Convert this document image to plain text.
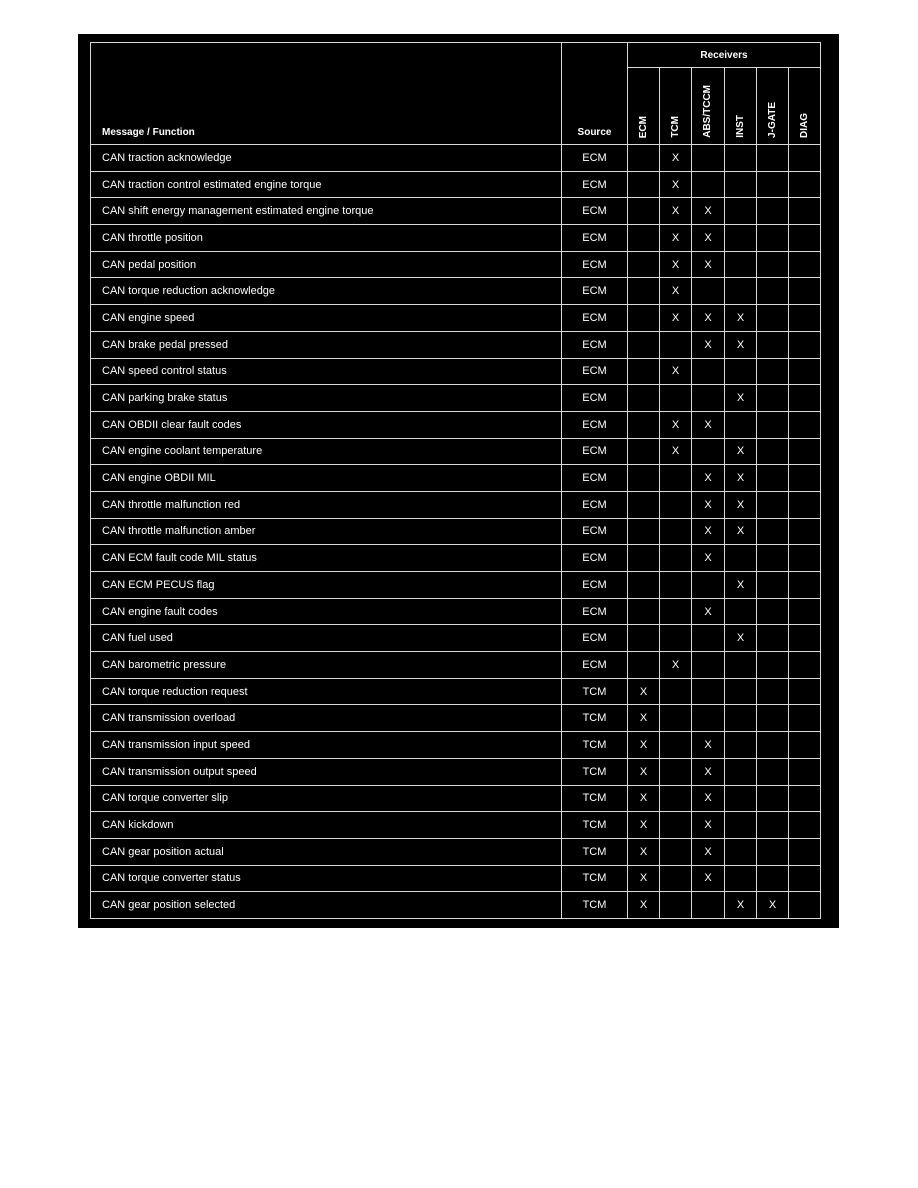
Message / Function	Source	Receivers					

		ECM	TCM	ABS/TCCM	INST	J-GATE	DIAG

CAN traction acknowledge	ECM		X				
CAN traction control estimated engine torque	ECM		X				
CAN shift energy management estimated engine torque	ECM		X	X			
CAN throttle position	ECM		X	X			
CAN pedal position	ECM		X	X			
CAN torque reduction acknowledge	ECM		X				
CAN engine speed	ECM		X	X	X		
CAN brake pedal pressed	ECM			X	X		
CAN speed control status	ECM		X				
CAN parking brake status	ECM				X		
CAN OBDII clear fault codes	ECM		X	X			
CAN engine coolant temperature	ECM		X		X		
CAN engine OBDII MIL	ECM			X	X		
CAN throttle malfunction red	ECM			X	X		
CAN throttle malfunction amber	ECM			X	X		
CAN ECM fault code MIL status	ECM			X			
CAN ECM PECUS flag	ECM				X		
CAN engine fault codes	ECM			X			
CAN fuel used	ECM				X		
CAN barometric pressure	ECM		X				
CAN torque reduction request	TCM	X					
CAN transmission overload	TCM	X					
CAN transmission input speed	TCM	X		X			
CAN transmission output speed	TCM	X		X			
CAN torque converter slip	TCM	X		X			
CAN kickdown	TCM	X		X			
CAN gear position actual	TCM	X		X			
CAN torque converter status	TCM	X		X			
CAN gear position selected	TCM	X			X	X	
